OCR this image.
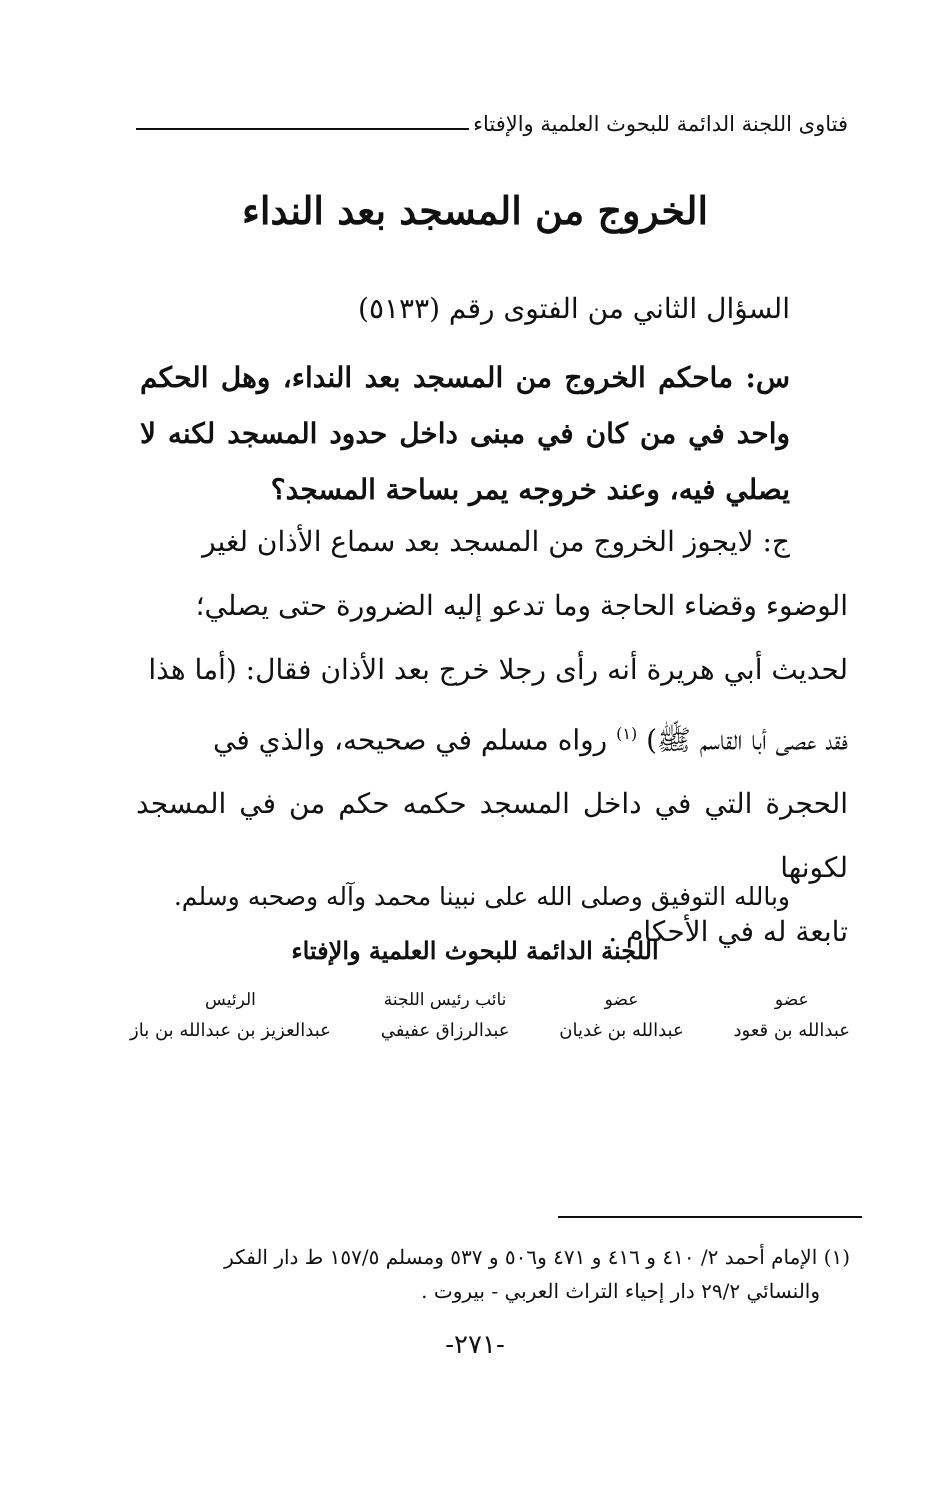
فتاوى اللجنة الدائمة للبحوث العلمية والإفتاء
الخروج من المسجد بعد النداء
السؤال الثاني من الفتوى رقم (٥١٣٣)
س: ماحكم الخروج من المسجد بعد النداء، وهل الحكم واحد في من كان في مبنى داخل حدود المسجد لكنه لا يصلي فيه، وعند خروجه يمر بساحة المسجد؟
ج: لايجوز الخروج من المسجد بعد سماع الأذان لغير
الوضوء وقضاء الحاجة وما تدعو إليه الضرورة حتى يصلي؛
لحديث أبي هريرة أنه رأى رجلا خرج بعد الأذان فقال: (أما هذا
فقد عصى أبا القاسم ﷺ) $^{(١)}$ رواه مسلم في صحيحه، والذي في
الحجرة التي في داخل المسجد حكمه حكم من في المسجد لكونها
تابعة له في الأحكام .
وبالله التوفيق وصلى الله على نبينا محمد وآله وصحبه وسلم.
اللجنة الدائمة للبحوث العلمية والإفتاء
عضو
عبدالله بن قعود
عضو
عبدالله بن غديان
نائب رئيس اللجنة
عبدالرزاق عفيفي
الرئيس
عبدالعزيز بن عبدالله بن باز
(١) الإمام أحمد ٢/ ٤١٠ و ٤١٦ و ٤٧١ و٥٠٦ و ٥٣٧ ومسلم ١٥٧/٥ ط دار الفكر
والنسائي ٢٩/٢ دار إحياء التراث العربي - بيروت .
-٢٧١-
